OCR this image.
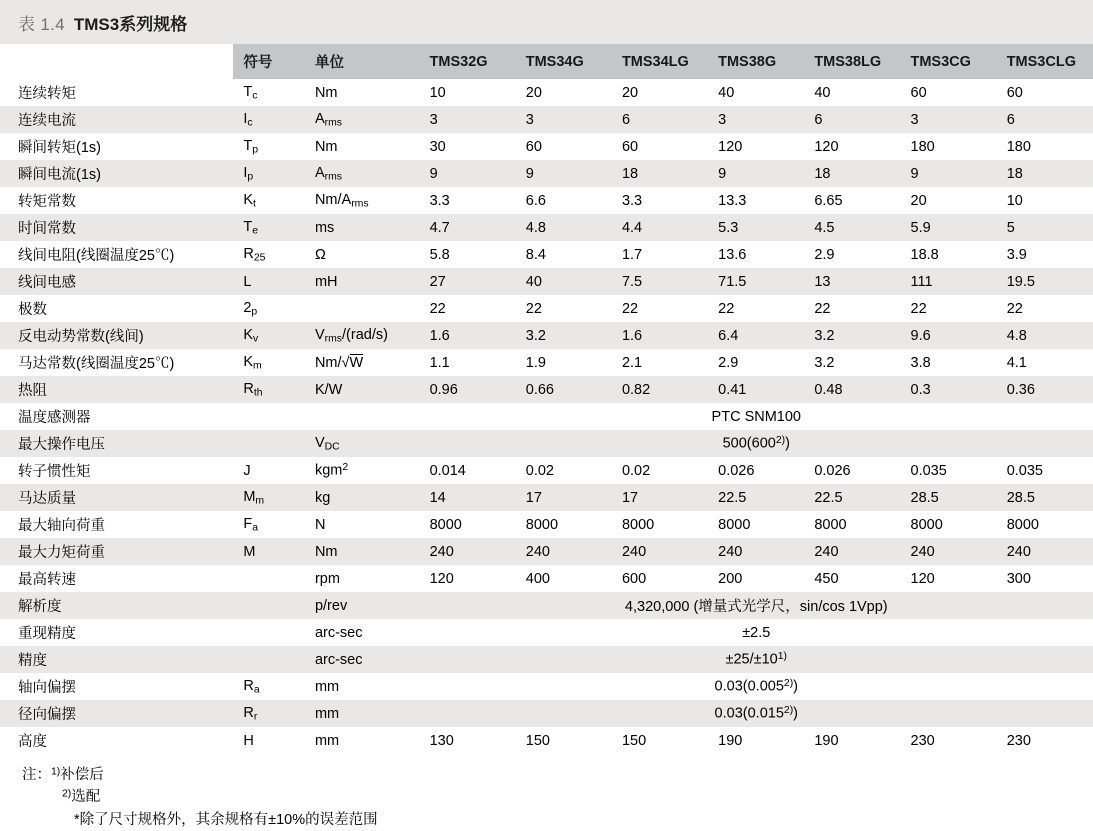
表 1.4 TMS3系列规格
	符号	单位	TMS32G	TMS34G	TMS34LG	TMS38G	TMS38LG	TMS3CG	TMS3CLG
连续转矩	$T_c$	Nm	10	20	20	40	40	60	60
连续电流	$I_c$	$A_{rms}$	3	3	6	3	6	3	6
瞬间转矩(1s)	$T_p$	Nm	30	60	60	120	120	180	180
瞬间电流(1s)	$I_p$	$A_{rms}$	9	9	18	9	18	9	18
转矩常数	$K_t$	$Nm/A_{rms}$	3.3	6.6	3.3	13.3	6.65	20	10
时间常数	$T_e$	ms	4.7	4.8	4.4	5.3	4.5	5.9	5
线间电阻(线圈温度25℃)	$R_{25}$	Ω	5.8	8.4	1.7	13.6	2.9	18.8	3.9
线间电感	L	mH	27	40	7.5	71.5	13	111	19.5
极数	$2_p$		22	22	22	22	22	22	22
反电动势常数(线间)	$K_v$	$V_{rms}/(rad/s)$	1.6	3.2	1.6	6.4	3.2	9.6	4.8
马达常数(线圈温度25℃)	$K_m$	Nm/√W	1.1	1.9	2.1	2.9	3.2	3.8	4.1
热阻	$R_{th}$	K/W	0.96	0.66	0.82	0.41	0.48	0.3	0.36
温度感测器			PTC SNM100						
最大操作电压		$V_{DC}$	500(600$^{2)}$)						
转子惯性矩	J	kgm$^2$	0.014	0.02	0.02	0.026	0.026	0.035	0.035
马达质量	$M_m$	kg	14	17	17	22.5	22.5	28.5	28.5
最大轴向荷重	$F_a$	N	8000	8000	8000	8000	8000	8000	8000
最大力矩荷重	M	Nm	240	240	240	240	240	240	240
最高转速		rpm	120	400	600	200	450	120	300
解析度		p/rev	4,320,000 (增量式光学尺，sin/cos 1Vpp)						
重现精度		arc-sec	±2.5						
精度		arc-sec	$\pm 25/\pm 10^{1)}$
轴向偏摆	$R_a$	mm	0.03(0.005$^{2)}$)						
径向偏摆	$R_r$	mm	0.03(0.015$^{2)}$)						
高度	H	mm	130	150	150	190	190	230	230
注：$^{1)}$补偿后
$^{2)}$选配
*除了尺寸规格外，其余规格有±10%的误差范围
